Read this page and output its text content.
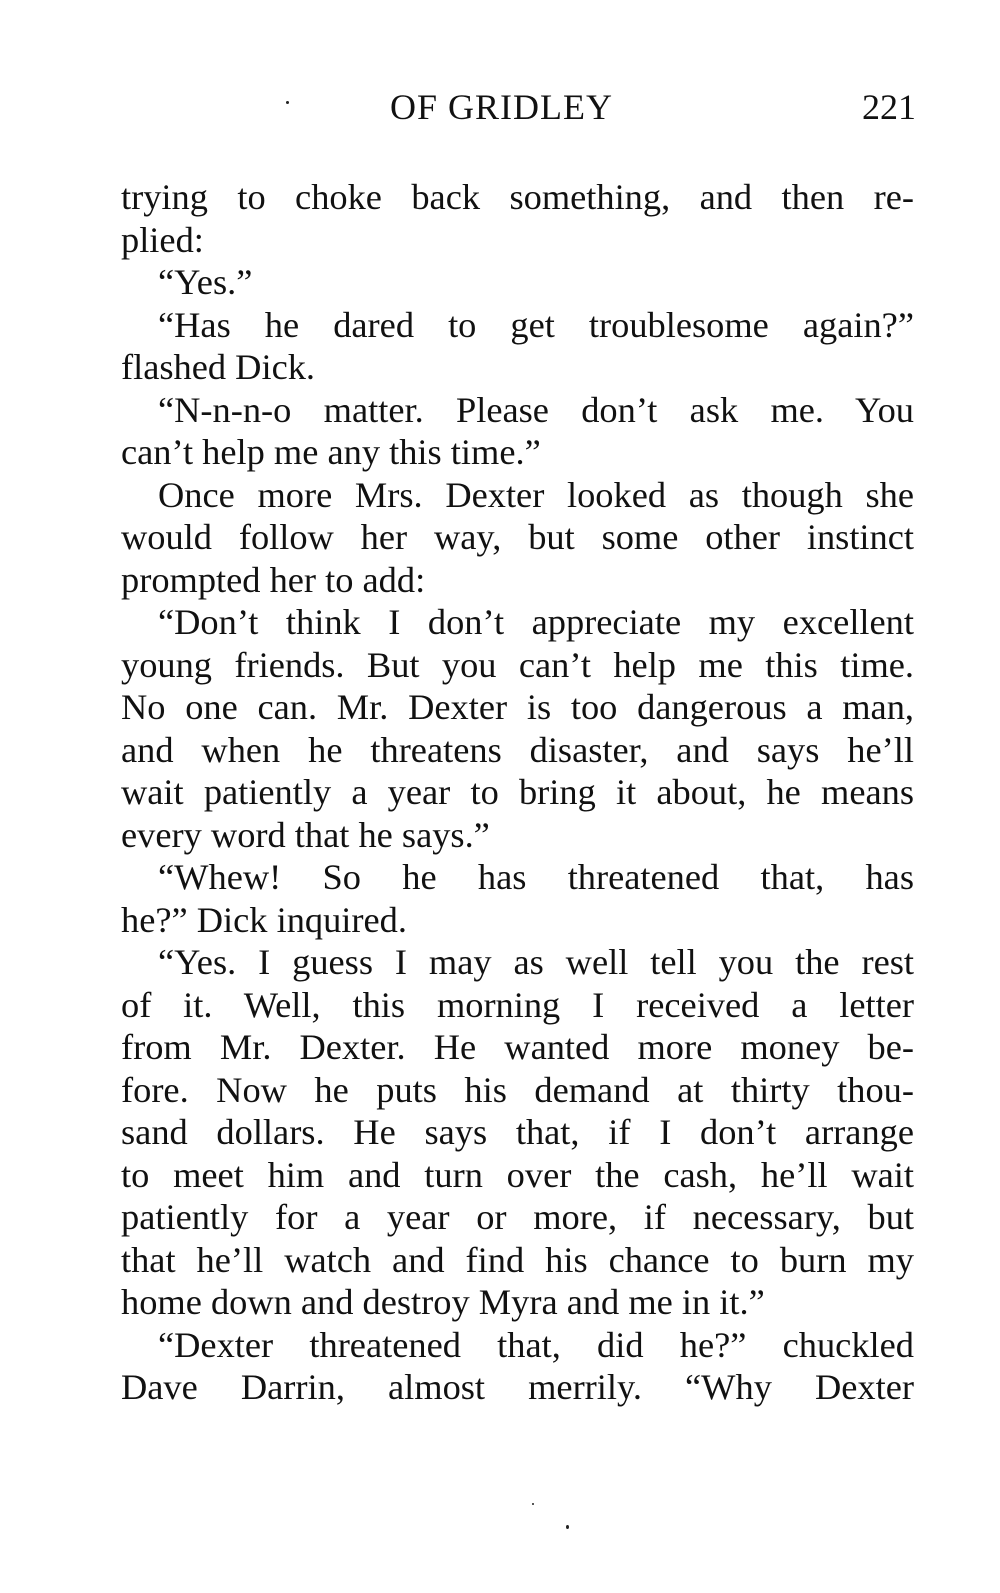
OF GRIDLEY	221
trying to choke back something, and then re-
plied:
“Yes.”
“Has he dared to get troublesome again?”
flashed Dick.
“N-n-n-o matter. Please don’t ask me. You
can’t help me any this time.”
Once more Mrs. Dexter looked as though she
would follow her way, but some other instinct
prompted her to add:
“Don’t think I don’t appreciate my excellent
young friends. But you can’t help me this time.
No one can. Mr. Dexter is too dangerous a man,
and when he threatens disaster, and says he’ll
wait patiently a year to bring it about, he means
every word that he says.”
“Whew! So he has threatened that, has
he?” Dick inquired.
“Yes. I guess I may as well tell you the rest
of it. Well, this morning I received a letter
from Mr. Dexter. He wanted more money be-
fore. Now he puts his demand at thirty thou-
sand dollars. He says that, if I don’t arrange
to meet him and turn over the cash, he’ll wait
patiently for a year or more, if necessary, but
that he’ll watch and find his chance to burn my
home down and destroy Myra and me in it.”
“Dexter threatened that, did he?” chuckled
Dave Darrin, almost merrily. “Why Dexter
